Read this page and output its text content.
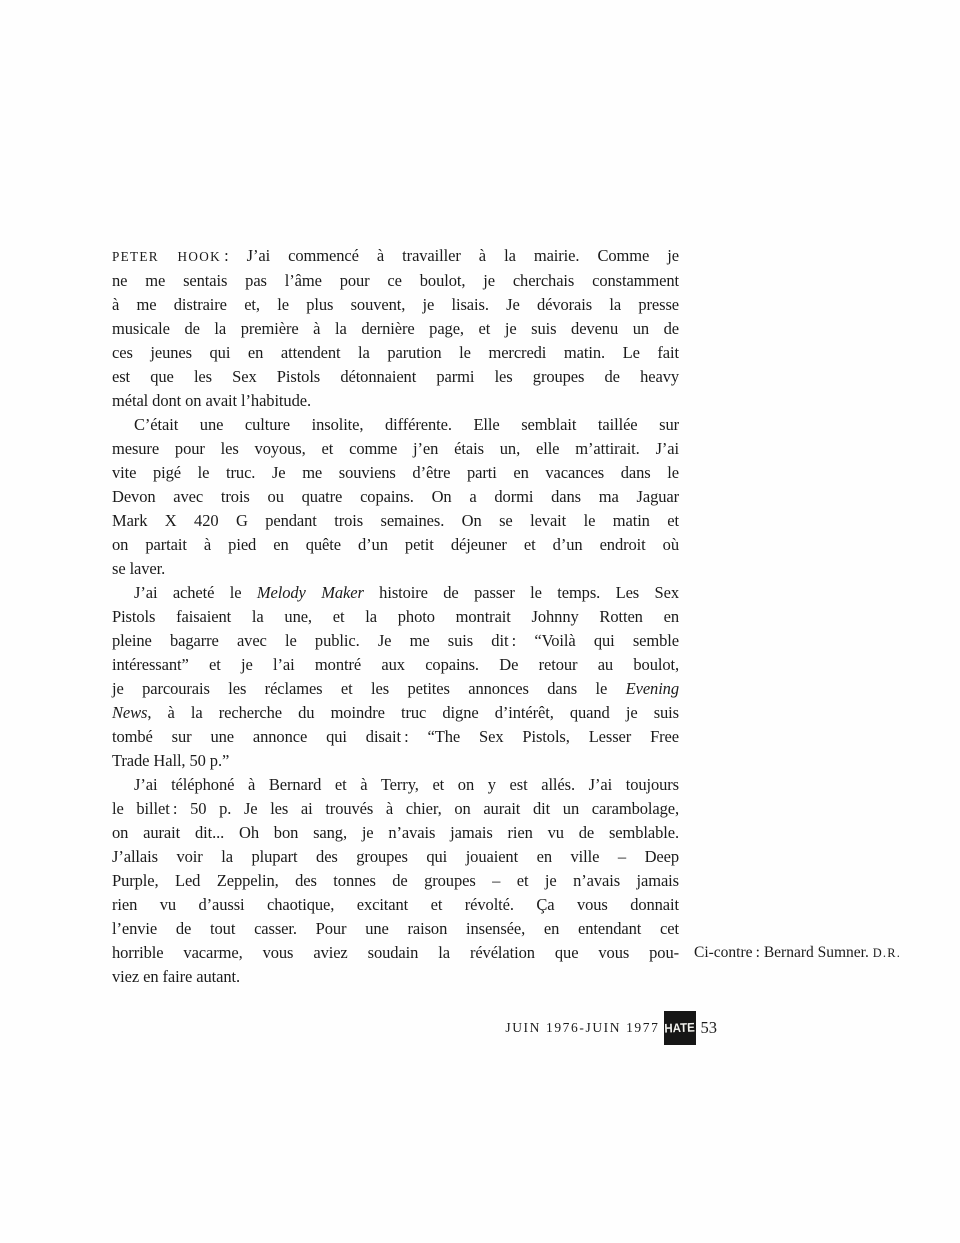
PETER HOOK : J’ai commencé à travailler à la mairie. Comme je
ne me sentais pas l’âme pour ce boulot, je cherchais constamment
à me distraire et, le plus souvent, je lisais. Je dévorais la presse
musicale de la première à la dernière page, et je suis devenu un de
ces jeunes qui en attendent la parution le mercredi matin. Le fait
est que les Sex Pistols détonnaient parmi les groupes de heavy
métal dont on avait l’habitude.
C’était une culture insolite, différente. Elle semblait taillée sur
mesure pour les voyous, et comme j’en étais un, elle m’attirait. J’ai
vite pigé le truc. Je me souviens d’être parti en vacances dans le
Devon avec trois ou quatre copains. On a dormi dans ma Jaguar
Mark X 420 G pendant trois semaines. On se levait le matin et
on partait à pied en quête d’un petit déjeuner et d’un endroit où
se laver.
J’ai acheté le Melody Maker histoire de passer le temps. Les Sex
Pistols faisaient la une, et la photo montrait Johnny Rotten en
pleine bagarre avec le public. Je me suis dit : “Voilà qui semble
intéressant” et je l’ai montré aux copains. De retour au boulot,
je parcourais les réclames et les petites annonces dans le Evening
News, à la recherche du moindre truc digne d’intérêt, quand je suis
tombé sur une annonce qui disait : “The Sex Pistols, Lesser Free
Trade Hall, 50 p.”
J’ai téléphoné à Bernard et à Terry, et on y est allés. J’ai toujours
le billet : 50 p. Je les ai trouvés à chier, on aurait dit un carambolage,
on aurait dit... Oh bon sang, je n’avais jamais rien vu de semblable.
J’allais voir la plupart des groupes qui jouaient en ville – Deep
Purple, Led Zeppelin, des tonnes de groupes – et je n’avais jamais
rien vu d’aussi chaotique, excitant et révolté. Ça vous donnait
l’envie de tout casser. Pour une raison insensée, en entendant cet
horrible vacarme, vous aviez soudain la révélation que vous pou-
viez en faire autant.
Ci-contre : Bernard Sumner. D.R.
JUIN 1976-JUIN 1977 HATE 53
